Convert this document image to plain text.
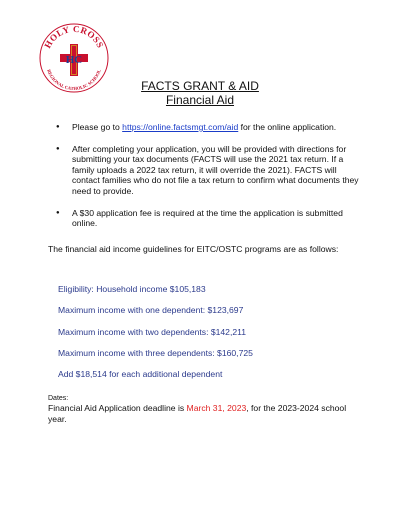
HOLY CROSS
REGIONAL CATHOLIC SCHOOL
HC
FACTS GRANT & AID
Financial Aid
● Please go to https://online.factsmgt.com/aid for the online application.
● After completing your application, you will be provided with directions for submitting your tax documents (FACTS will use the 2021 tax return. If a family uploads a 2022 tax return, it will override the 2021). FACTS will contact families who do not file a tax return to confirm what documents they need to provide.
● A $30 application fee is required at the time the application is submitted online.

The financial aid income guidelines for EITC/OSTC programs are as follows:

Eligibility: Household income $105,183
Maximum income with one dependent: $123,697
Maximum income with two dependents: $142,211
Maximum income with three dependents: $160,725
Add $18,514 for each additional dependent

Dates:

Financial Aid Application deadline is March 31, 2023, for the 2023-2024 school year.
